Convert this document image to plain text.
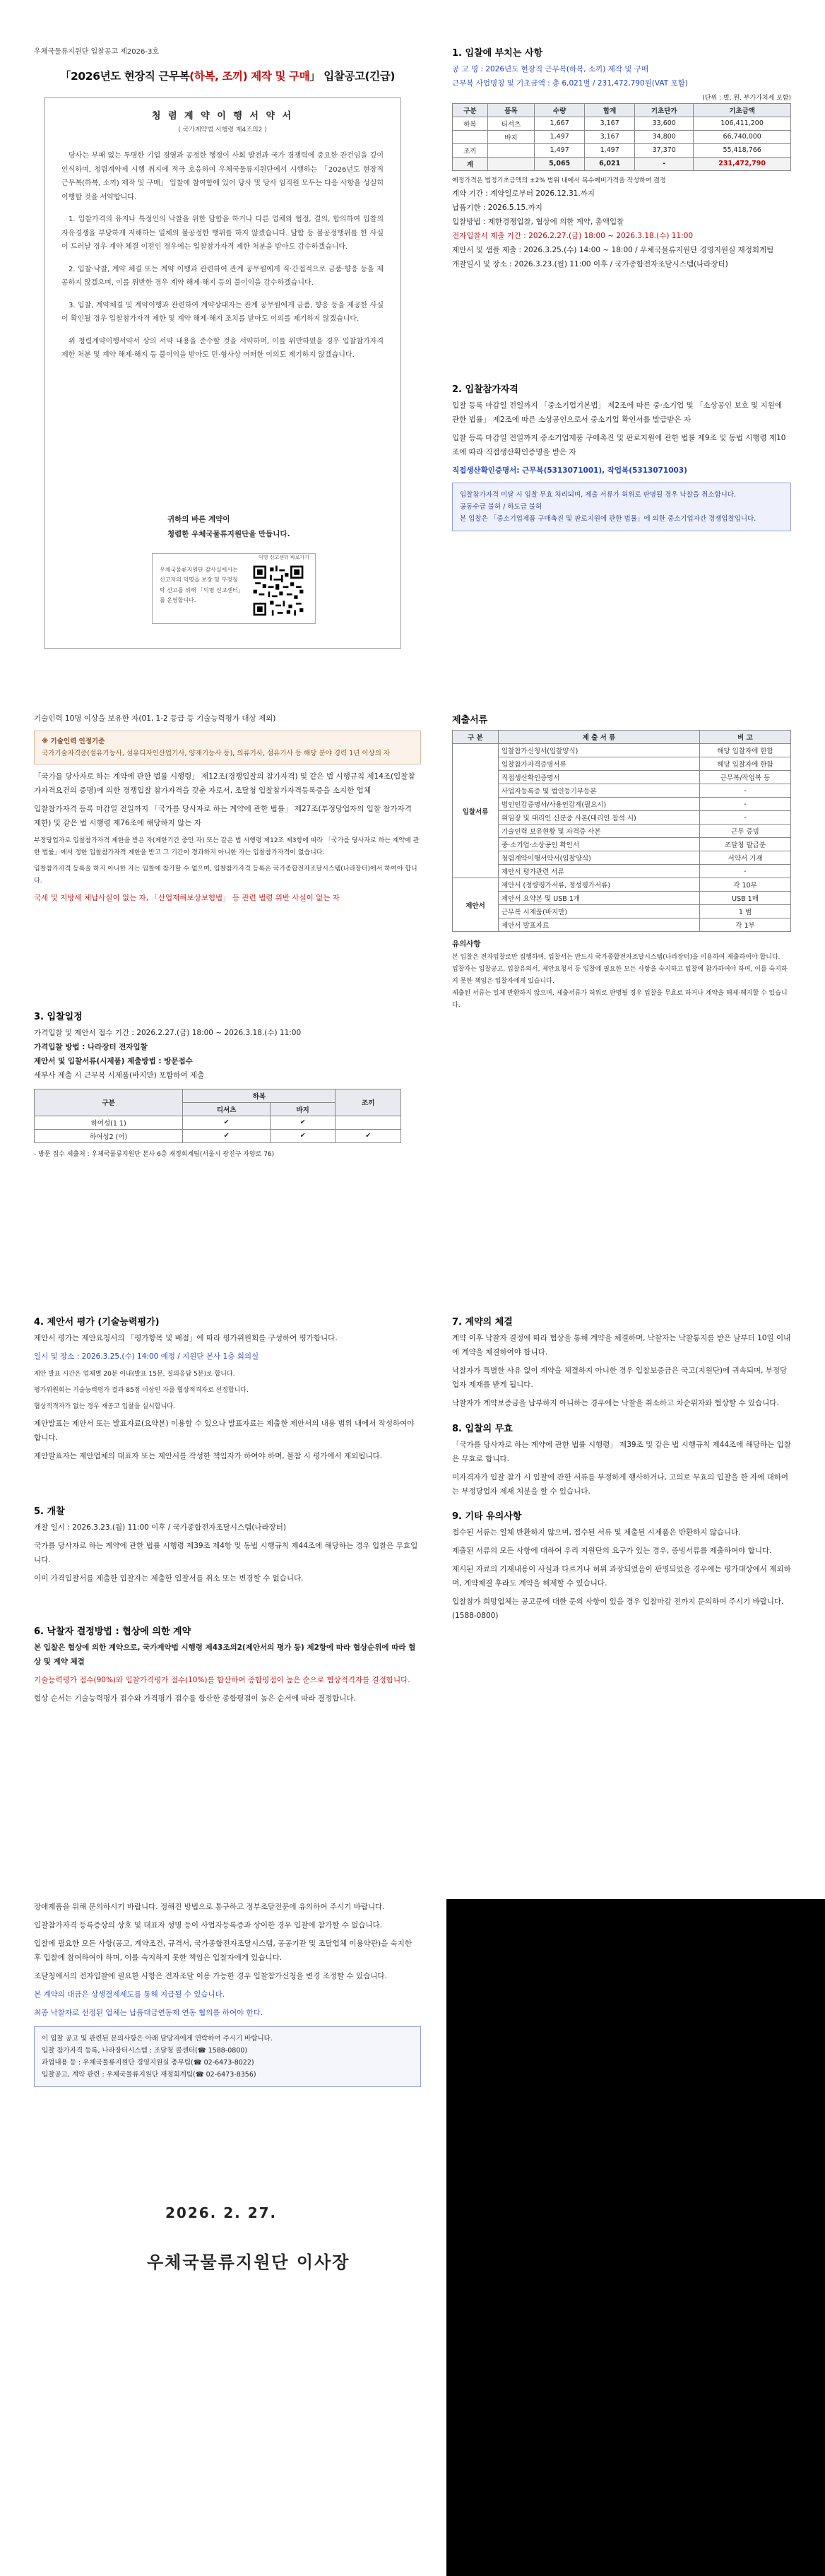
우체국물류지원단 입찰공고 제2026-3호
「2026년도 현장직 근무복(하복, 조끼) 제작 및 구매」 입찰공고(긴급)
청 렴 계 약 이 행 서 약 서
( 국가계약법 시행령 제4조의2 )

당사는 부패 없는 투명한 기업 경영과 공정한 행정이 사회 발전과 국가 경쟁력에 중요한 관건임을 깊이 인식하며, 청렴계약제 시행 취지에 적극 호응하여 우체국물류지원단에서 시행하는 「2026년도 현장직 근무복(하복, 소끼) 제작 및 구매」 입찰에 참여함에 있어 당사 및 당사 임직원 모두는 다음 사항을 성실히 이행할 것을 서약합니다.

1. 입찰가격의 유지나 특정인의 낙찰을 위한 담합을 하거나 다른 업체와 협정, 결의, 합의하여 입찰의 자유경쟁을 부당하게 저해하는 일체의 불공정한 행위를 하지 않겠습니다. 담합 등 불공정행위를 한 사실이 드러날 경우 계약 체결 이전인 경우에는 입찰참가자격 제한 처분을 받아도 감수하겠습니다.

2. 입찰·낙찰, 계약 체결 또는 계약 이행과 관련하여 관계 공무원에게 직·간접적으로 금품·향응 등을 제공하지 않겠으며, 이를 위반한 경우 계약 해제·해지 등의 불이익을 감수하겠습니다.

3. 입찰, 계약체결 및 계약이행과 관련하여 계약상대자는 관계 공무원에게 금품, 향응 등을 제공한 사실이 확인될 경우 입찰참가자격 제한 및 계약 해제·해지 조치를 받아도 이의를 제기하지 않겠습니다.

위 청렴계약이행서약서 상의 서약 내용을 준수할 것을 서약하며, 이를 위반하였을 경우 입찰참가자격 제한 처분 및 계약 해제·해지 등 불이익을 받아도 민·형사상 어떠한 이의도 제기하지 않겠습니다.

귀하의 바른 계약이
청렴한 우체국물류지원단을 만듭니다.
우체국물류지원단 감사실에서는 신고자의 익명을 보장 및 부정청탁 신고를 위해 「익명 신고센터」를 운영합니다.
익명 신고센터 바로가기
1. 입찰에 부치는 사항
공 고 명 : 2026년도 현장직 근무복(하복, 소끼) 제작 및 구매
근무복 사업명칭 및 기초금액 : 총 6,021벌 / 231,472,790원(VAT 포함)
(단위 : 벌, 원, 부가가치세 포함)
구분	품목	수량	합계	기초단가	기초금액
하복	티셔츠	1,667	3,167	33,600	106,411,200
	바지	1,497	3,167	34,800	66,740,000
조끼		1,497	1,497	37,370	55,418,766
계		5,065	6,021	-	231,472,790
예정가격은 법정기초금액의 ±2% 범위 내에서 복수예비가격을 작성하여 결정
계약 기간 : 계약일로부터 2026.12.31.까지
납품기한 : 2026.5.15.까지
입찰방법 : 제한경쟁입찰, 협상에 의한 계약, 총액입찰
전자입찰서 제출 기간 : 2026.2.27.(금) 18:00 ~ 2026.3.18.(수) 11:00
제안서 및 샘플 제출 : 2026.3.25.(수) 14:00 ~ 18:00 / 우체국물류지원단 경영지원실 재정회계팀
개찰일시 및 장소 : 2026.3.23.(월) 11:00 이후 / 국가종합전자조달시스템(나라장터)
2. 입찰참가자격
입찰 등록 마감일 전일까지 「중소기업기본법」 제2조에 따른 중·소기업 및 「소상공인 보호 및 지원에 관한 법률」 제2조에 따른 소상공인으로서 중소기업 확인서를 발급받은 자
입찰 등록 마감일 전일까지 중소기업제품 구매촉진 및 판로지원에 관한 법률 제9조 및 동법 시행령 제10조에 따라 직접생산확인증명을 받은 자
직접생산확인증명서: 근무복(5313071001), 작업복(5313071003)
입찰참가자격 미달 시 입찰 무효 처리되며, 제출 서류가 허위로 판명될 경우 낙찰을 취소합니다.
공동수급 불허 / 하도급 불허
본 입찰은 「중소기업제품 구매촉진 및 판로지원에 관한 법률」에 의한 중소기업자간 경쟁입찰입니다.
기술인력 10명 이상을 보유한 자(01, 1-2 등급 등 기술능력평가 대상 제외)
※ 기술인력 인정기준
국가기술자격증(섬유기능사, 섬유디자인산업기사, 양재기능사 등), 의류기사, 섬유기사 등 해당 분야 경력 1년 이상의 자
「국가를 당사자로 하는 계약에 관한 법률 시행령」 제12조(경쟁입찰의 참가자격) 및 같은 법 시행규칙 제14조(입찰참가자격요건의 증명)에 의한 경쟁입찰 참가자격을 갖춘 자로서, 조달청 입찰참가자격등록증을 소지한 업체
입찰참가자격 등록 마감일 전일까지 「국가를 당사자로 하는 계약에 관한 법률」 제27조(부정당업자의 입찰 참가자격 제한) 및 같은 법 시행령 제76조에 해당하지 않는 자
부정당업자로 입찰참가자격 제한을 받은 자(제한기간 중인 자) 또는 같은 법 시행령 제12조 제3항에 따라 「국가를 당사자로 하는 계약에 관한 법률」에서 정한 입찰참가자격 제한을 받고 그 기간이 경과하지 아니한 자는 입찰참가자격이 없습니다.
입찰참가자격 등록을 하지 아니한 자는 입찰에 참가할 수 없으며, 입찰참가자격 등록은 국가종합전자조달시스템(나라장터)에서 하여야 합니다.
국세 및 지방세 체납사실이 없는 자, 「산업재해보상보험법」 등 관련 법령 위반 사실이 없는 자
3. 입찰일정
가격입찰 및 제안서 접수 기간 : 2026.2.27.(금) 18:00 ~ 2026.3.18.(수) 11:00
가격입찰 방법 : 나라장터 전자입찰
제안서 및 입찰서류(시제품) 제출방법 : 방문접수
세부사 제출 시 근무복 시제품(바지만) 포함하여 제출
구분	하복		조끼
	티셔츠	바지	
하여성(1 1)	✔	✔	
하여성2 (어)	✔	✔	✔
- 방문 접수 제출처 : 우체국물류지원단 본사 6층 재정회계팀(서울시 광진구 자양로 76)
제출서류
구 분	제 출 서 류	비 고
입찰서류	입찰참가신청서(입찰양식)	해당 입찰자에 한함
	입찰참가자격증명서류	해당 입찰자에 한함
	직접생산확인증명서	근무복/작업복 등
	사업자등록증 및 법인등기부등본	-
	법인인감증명서/사용인감계(필요시)	-
	위임장 및 대리인 신분증 사본(대리인 참석 시)	-
	기술인력 보유현황 및 자격증 사본	근무 증빙
	중·소기업·소상공인 확인서	조달청 발급분
	청렴계약이행서약서(입찰양식)	서약서 기재
	제안서 평가관련 서류	-
제안서	제안서 (정량평가서류, 정성평가서류)	각 10부
	제안서 요약본 및 USB 1개	USB 1매
	근무복 시제품(바지만)	1 벌
	제안서 발표자료	각 1부
유의사항
본 입찰은 전자입찰로만 집행하며, 입찰서는 반드시 국가종합전자조달시스템(나라장터)을 이용하여 제출하여야 합니다.
입찰자는 입찰공고, 입찰유의서, 제안요청서 등 입찰에 필요한 모든 사항을 숙지하고 입찰에 참가하여야 하며, 이를 숙지하지 못한 책임은 입찰자에게 있습니다.
제출된 서류는 일체 반환하지 않으며, 제출서류가 허위로 판명될 경우 입찰을 무효로 하거나 계약을 해제·해지할 수 있습니다.
4. 제안서 평가 (기술능력평가)
제안서 평가는 제안요청서의 「평가항목 및 배점」에 따라 평가위원회를 구성하여 평가합니다.
일시 및 장소 : 2026.3.25.(수) 14:00 예정 / 지원단 본사 1층 회의실
제안 발표 시간은 업체별 20분 이내(발표 15분, 질의응답 5분)로 합니다.
평가위원회는 기술능력평가 결과 85점 이상인 자를 협상적격자로 선정합니다.
협상적격자가 없는 경우 재공고 입찰을 실시합니다.
제안발표는 제안서 또는 발표자료(요약본) 이용할 수 있으나 발표자료는 제출한 제안서의 내용 범위 내에서 작성하여야 합니다.
제안발표자는 제안업체의 대표자 또는 제안서를 작성한 책임자가 하여야 하며, 불참 시 평가에서 제외됩니다.
5. 개찰
개찰 일시 : 2026.3.23.(월) 11:00 이후 / 국가종합전자조달시스템(나라장터)
국가를 당사자로 하는 계약에 관한 법률 시행령 제39조 제4항 및 동법 시행규칙 제44조에 해당하는 경우 입찰은 무효입니다.
이미 가격입찰서를 제출한 입찰자는 제출한 입찰서를 취소 또는 변경할 수 없습니다.
6. 낙찰자 결정방법 : 협상에 의한 계약
본 입찰은 협상에 의한 계약으로, 국가계약법 시행령 제43조의2(제안서의 평가 등) 제2항에 따라 협상순위에 따라 협상 및 계약 체결
기술능력평가 점수(90%)와 입찰가격평가 점수(10%)를 합산하여 종합평점이 높은 순으로 협상적격자를 결정합니다.
협상 순서는 기술능력평가 점수와 가격평가 점수를 합산한 종합평점이 높은 순서에 따라 결정합니다.
7. 계약의 체결
계약 이후 낙찰자 결정에 따라 협상을 통해 계약을 체결하며, 낙찰자는 낙찰통지를 받은 날부터 10일 이내에 계약을 체결하여야 합니다.
낙찰자가 특별한 사유 없이 계약을 체결하지 아니한 경우 입찰보증금은 국고(지원단)에 귀속되며, 부정당업자 제재를 받게 됩니다.
낙찰자가 계약보증금을 납부하지 아니하는 경우에는 낙찰을 취소하고 차순위자와 협상할 수 있습니다.
8. 입찰의 무효
「국가를 당사자로 하는 계약에 관한 법률 시행령」 제39조 및 같은 법 시행규칙 제44조에 해당하는 입찰은 무효로 합니다.
미자격자가 입찰 참가 시 입찰에 관한 서류를 부정하게 행사하거나, 고의로 무효의 입찰을 한 자에 대하여는 부정당업자 제재 처분을 할 수 있습니다.
9. 기타 유의사항
접수된 서류는 일체 반환하지 않으며, 접수된 서류 및 제출된 시제품은 반환하지 않습니다.
제출된 서류의 모든 사항에 대하여 우리 지원단의 요구가 있는 경우, 증빙서류를 제출하여야 합니다.
제시된 자료의 기재내용이 사실과 다르거나 허위 과장되었음이 판명되었을 경우에는 평가대상에서 제외하며, 계약체결 후라도 계약을 해제할 수 있습니다.
입찰참가 희망업체는 공고문에 대한 문의 사항이 있을 경우 입찰마감 전까지 문의하여 주시기 바랍니다. (1588-0800)
장애제품을 위해 문의하시기 바랍니다. 정해진 방법으로 통구하고 정부조달전문에 유의하여 주시기 바랍니다.
입찰참가자격 등록증상의 상호 및 대표자 성명 등이 사업자등록증과 상이한 경우 입찰에 참가할 수 없습니다.
입찰에 필요한 모든 사항(공고, 계약조건, 규격서, 국가종합전자조달시스템, 공공기관 및 조달업체 이용약관)을 숙지한 후 입찰에 참여하여야 하며, 이를 숙지하지 못한 책임은 입찰자에게 있습니다.
조달청에서의 전자입찰에 필요한 사항은 전자조달 이용 가능한 경우 입찰참가신청을 변경 조정할 수 있습니다.
본 계약의 대금은 상생결제제도를 통해 지급될 수 있습니다.
최종 낙찰자로 선정된 업체는 납품대금연동제 연동 협의를 하여야 한다.
이 입찰 공고 및 관련된 문의사항은 아래 담당자에게 연락하여 주시기 바랍니다.
입찰 참가자격 등록, 나라장터시스템 : 조달청 콜센터(☎ 1588-0800)
과업내용 등 : 우체국물류지원단 경영지원실 총무팀(☎ 02-6473-8022)
입찰공고, 계약 관련 : 우체국물류지원단 재정회계팀(☎ 02-6473-8356)
2026. 2. 27.
우체국물류지원단 이사장
